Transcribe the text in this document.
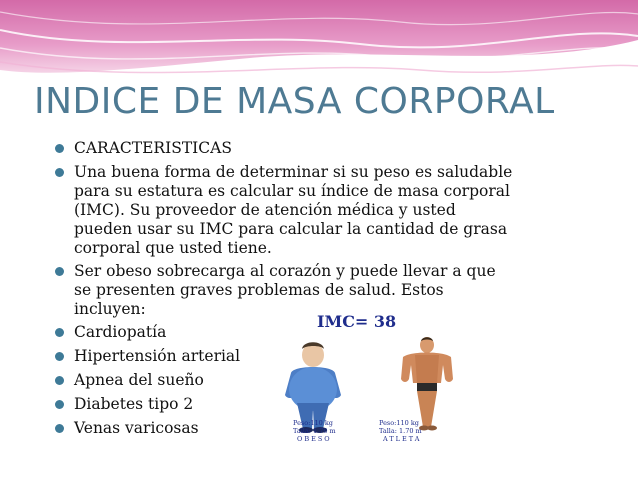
INDICE DE MASA CORPORAL
CARACTERISTICAS
Una buena forma de determinar si su peso es saludable para su estatura es calcular su índice de masa corporal (IMC). Su proveedor de atención médica y usted pueden usar su IMC para calcular la cantidad de grasa corporal que usted tiene.
Ser obeso sobrecarga al corazón y puede llevar a que se presenten graves problemas de salud. Estos incluyen:
Cardiopatía
Hipertensión arterial
Apnea del sueño
Diabetes tipo 2
Venas varicosas
IMC= 38
Peso:110 kg
Talla: 1.70 m
OBESO
Peso:110 kg
Talla: 1.70 m
ATLETA
